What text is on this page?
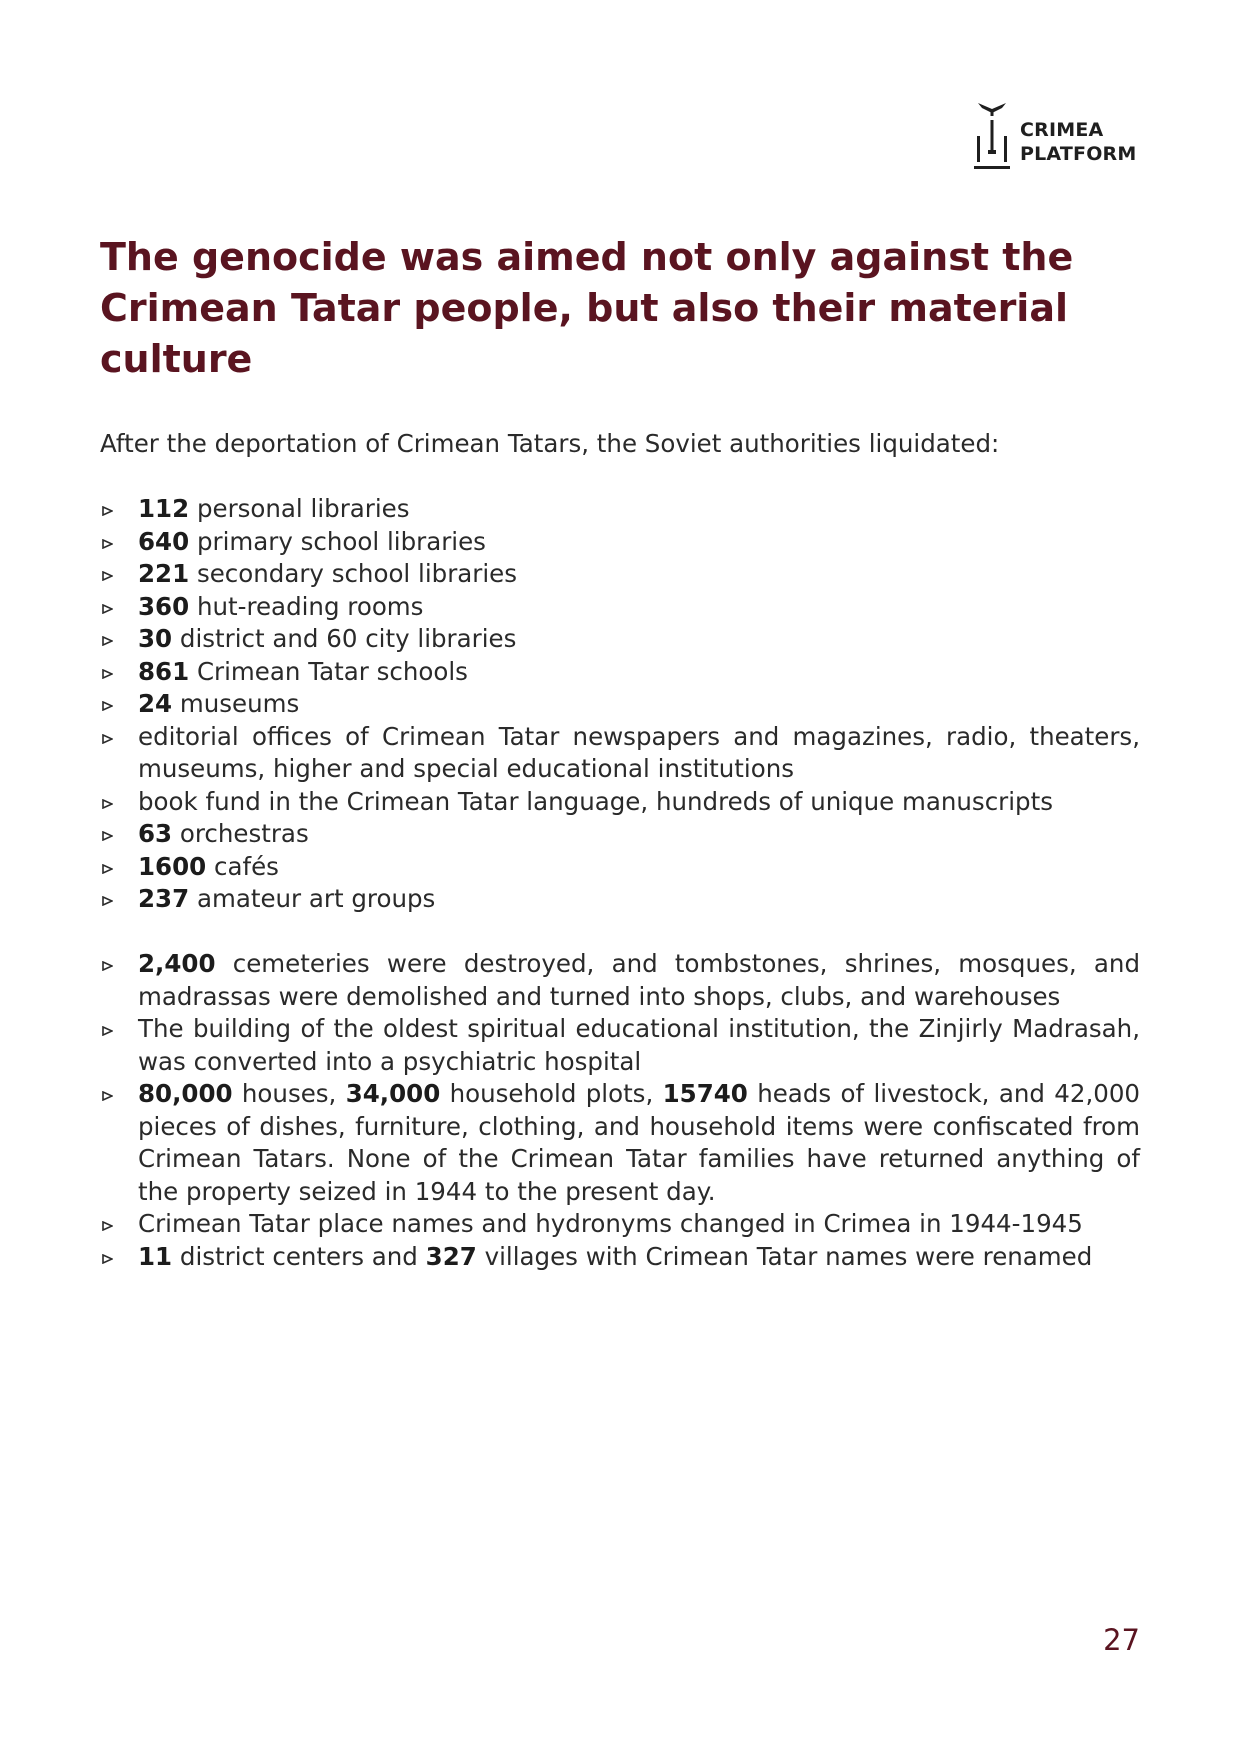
CRIMEA
PLATFORM
The genocide was aimed not only against the Crimean Tatar people, but also their material culture

After the deportation of Crimean Tatars, the Soviet authorities liquidated:

112 personal libraries
640 primary school libraries
221 secondary school libraries
360 hut-reading rooms
30 district and 60 city libraries
861 Crimean Tatar schools
24 museums
editorial offices of Crimean Tatar newspapers and magazines, radio, theaters, museums, higher and special educational institutions
book fund in the Crimean Tatar language, hundreds of unique manuscripts
63 orchestras
1600 cafés
237 amateur art groups
2,400 cemeteries were destroyed, and tombstones, shrines, mosques, and madrassas were demolished and turned into shops, clubs, and warehouses
The building of the oldest spiritual educational institution, the Zinjirly Madrasah, was converted into a psychiatric hospital
80,000 houses, 34,000 household plots, 15740 heads of livestock, and 42,000 pieces of dishes, furniture, clothing, and household items were confiscated from Crimean Tatars. None of the Crimean Tatar families have returned anything of the property seized in 1944 to the present day.
Crimean Tatar place names and hydronyms changed in Crimea in 1944-1945
11 district centers and 327 villages with Crimean Tatar names were renamed
27
